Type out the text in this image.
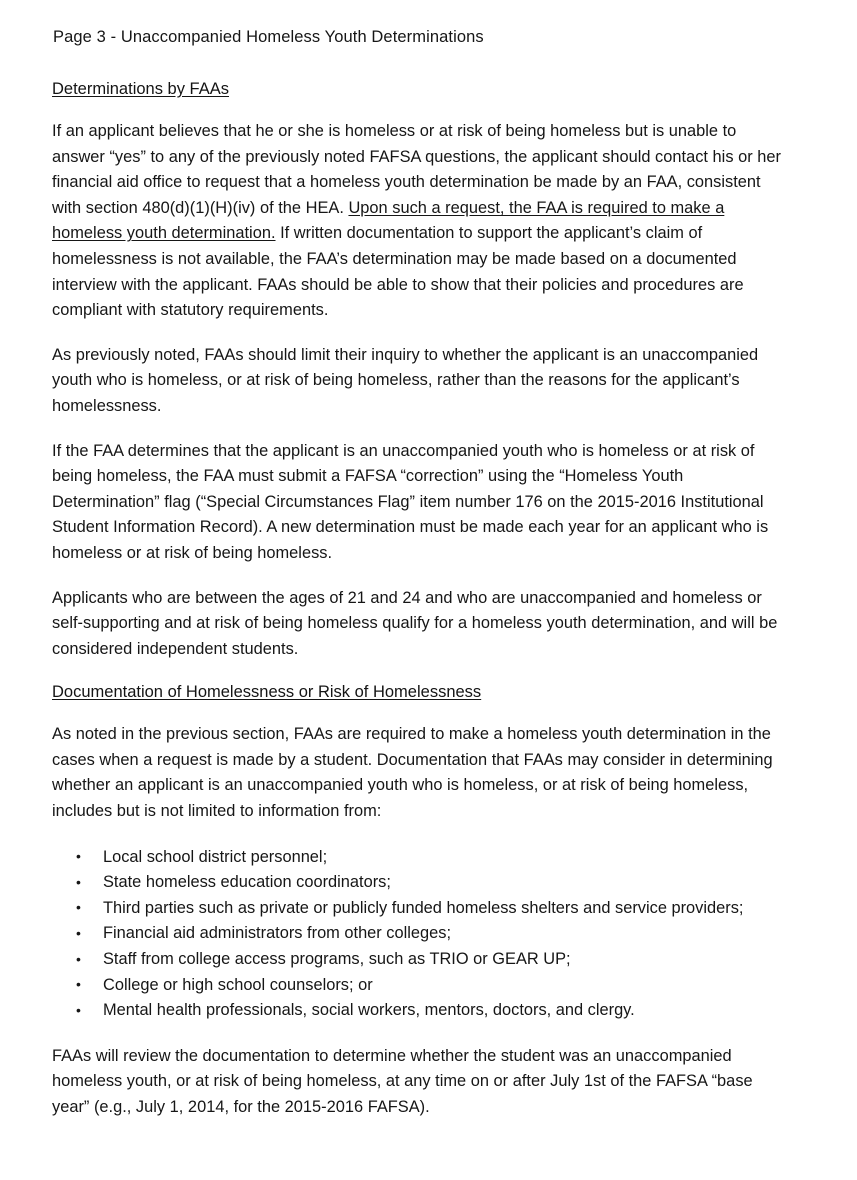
Page 3 - Unaccompanied Homeless Youth Determinations
Determinations by FAAs

If an applicant believes that he or she is homeless or at risk of being homeless but is unable to answer “yes” to any of the previously noted FAFSA questions, the applicant should contact his or her financial aid office to request that a homeless youth determination be made by an FAA, consistent with section 480(d)(1)(H)(iv) of the HEA. Upon such a request, the FAA is required to make a homeless youth determination. If written documentation to support the applicant’s claim of homelessness is not available, the FAA’s determination may be made based on a documented interview with the applicant. FAAs should be able to show that their policies and procedures are compliant with statutory requirements.

As previously noted, FAAs should limit their inquiry to whether the applicant is an unaccompanied youth who is homeless, or at risk of being homeless, rather than the reasons for the applicant’s homelessness.

If the FAA determines that the applicant is an unaccompanied youth who is homeless or at risk of being homeless, the FAA must submit a FAFSA “correction” using the “Homeless Youth Determination” flag (“Special Circumstances Flag” item number 176 on the 2015-2016 Institutional Student Information Record). A new determination must be made each year for an applicant who is homeless or at risk of being homeless.

Applicants who are between the ages of 21 and 24 and who are unaccompanied and homeless or self-supporting and at risk of being homeless qualify for a homeless youth determination, and will be considered independent students.

Documentation of Homelessness or Risk of Homelessness

As noted in the previous section, FAAs are required to make a homeless youth determination in the cases when a request is made by a student. Documentation that FAAs may consider in determining whether an applicant is an unaccompanied youth who is homeless, or at risk of being homeless, includes but is not limited to information from:

• Local school district personnel;
• State homeless education coordinators;
• Third parties such as private or publicly funded homeless shelters and service providers;
• Financial aid administrators from other colleges;
• Staff from college access programs, such as TRIO or GEAR UP;
• College or high school counselors; or
• Mental health professionals, social workers, mentors, doctors, and clergy.

FAAs will review the documentation to determine whether the student was an unaccompanied homeless youth, or at risk of being homeless, at any time on or after July 1st of the FAFSA “base year” (e.g., July 1, 2014, for the 2015-2016 FAFSA).
